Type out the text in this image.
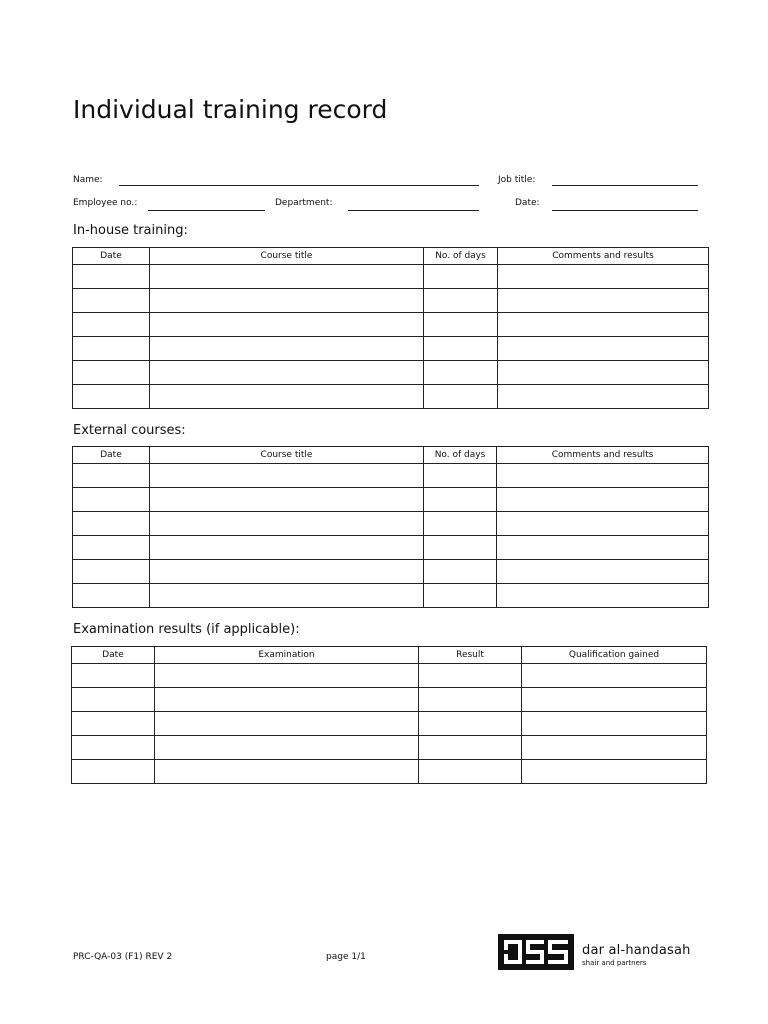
Individual training record
Name:	Job title:
Employee no.:	Department:	Date:
In-house training:
Date	Course title	No. of days	Comments and results

External courses:
Date	Course title	No. of days	Comments and results

Examination results (if applicable):
Date	Examination	Result	Qualification gained

PRC-QA-03 (F1) REV 2	page 1/1	dar al-handasah
shair and partners
